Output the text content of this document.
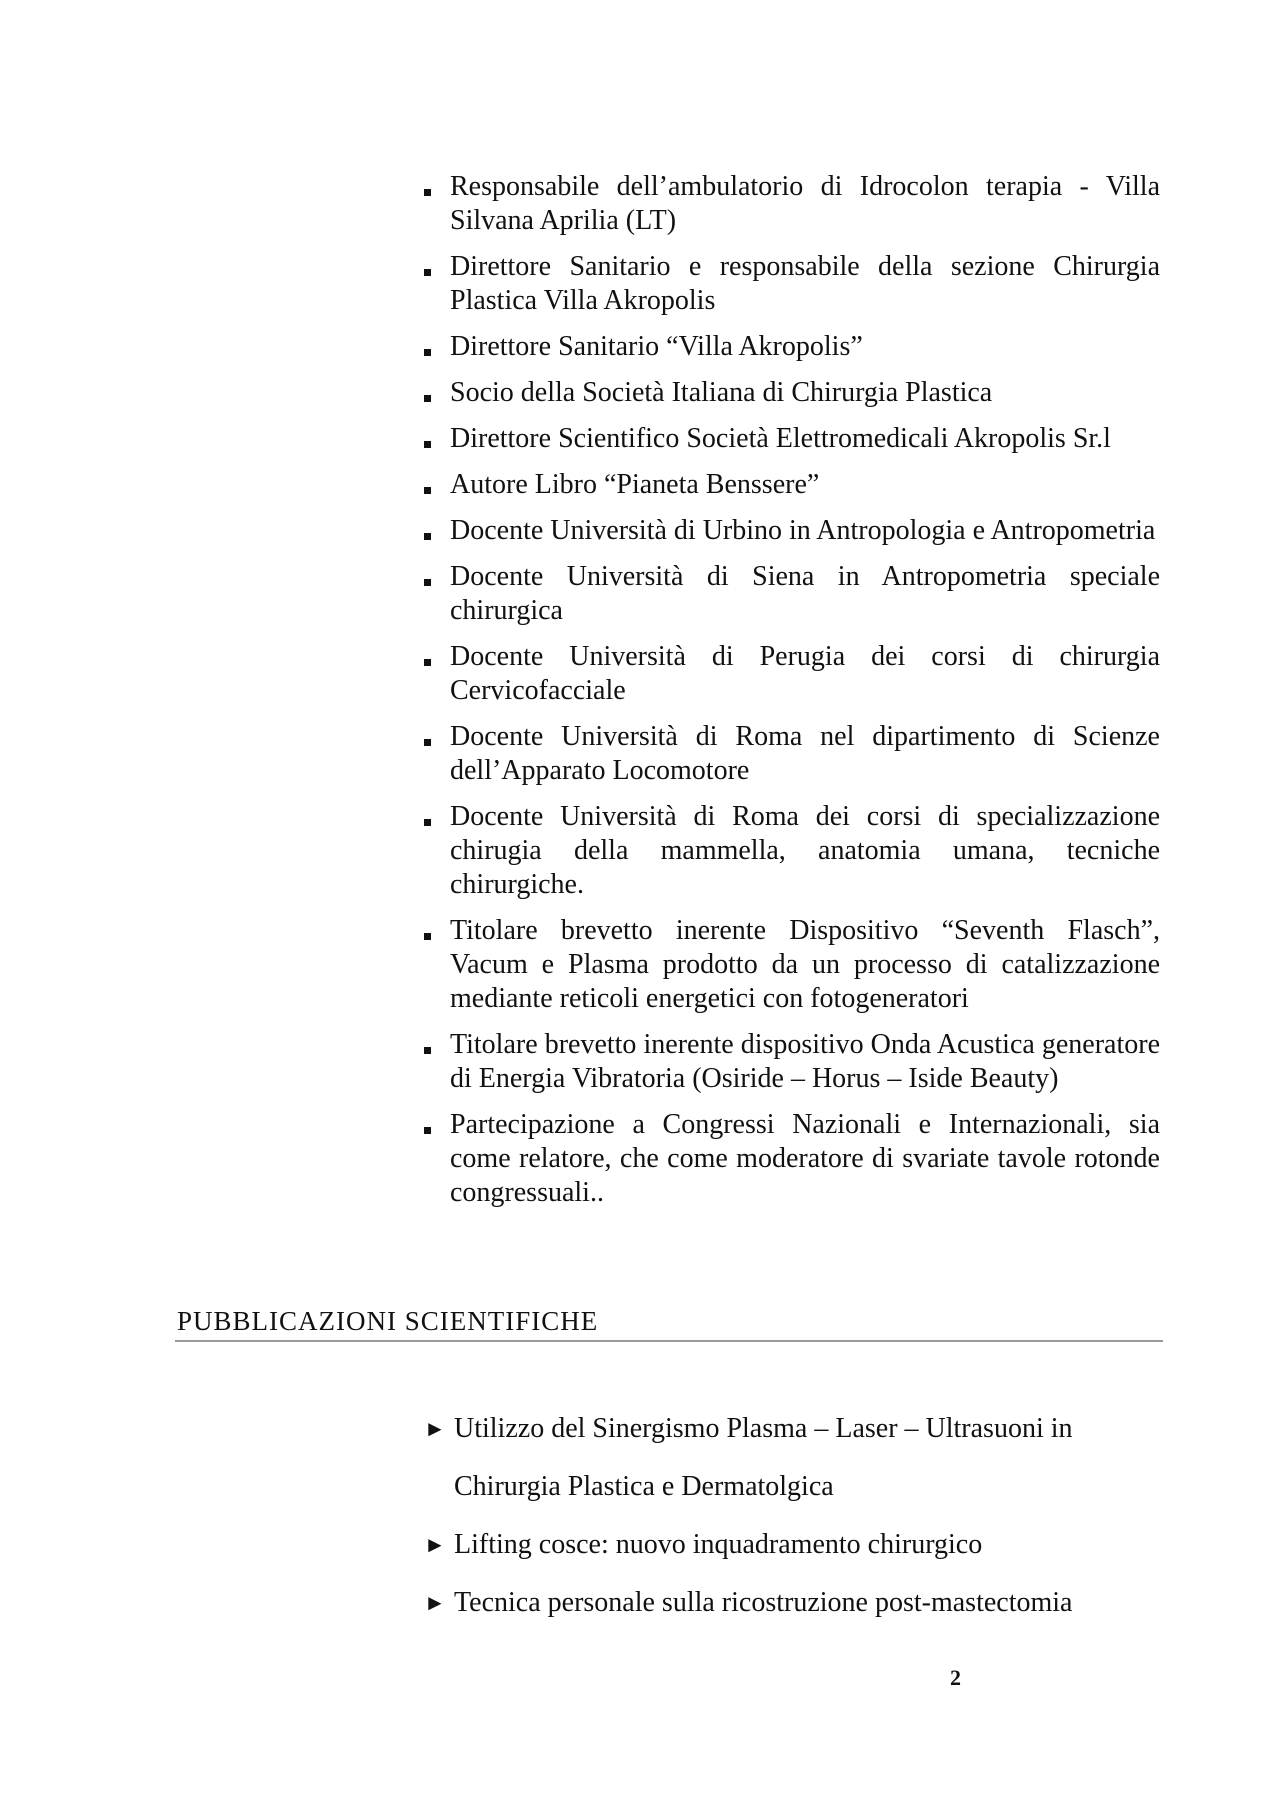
Responsabile dell’ambulatorio di Idrocolon terapia - Villa Silvana Aprilia (LT)
Direttore Sanitario e responsabile della sezione Chirurgia Plastica Villa Akropolis
Direttore Sanitario “Villa Akropolis”
Socio della Società Italiana di Chirurgia Plastica
Direttore Scientifico Società Elettromedicali Akropolis Sr.l
Autore Libro “Pianeta Benssere”
Docente Università di Urbino in Antropologia e Antropometria
Docente Università di Siena in Antropometria speciale chirurgica
Docente Università di Perugia dei corsi di chirurgia Cervicofacciale
Docente Università di Roma nel dipartimento di Scienze dell’Apparato Locomotore
Docente Università di Roma dei corsi di specializzazione chirugia della mammella, anatomia umana, tecniche chirurgiche.
Titolare brevetto inerente Dispositivo “Seventh Flasch”, Vacum e Plasma prodotto da un processo di catalizzazione mediante reticoli energetici con fotogeneratori
Titolare brevetto inerente dispositivo Onda Acustica generatore di Energia Vibratoria (Osiride – Horus – Iside Beauty)
Partecipazione a Congressi Nazionali e Internazionali, sia come relatore, che come moderatore di svariate tavole rotonde congressuali..
PUBBLICAZIONI SCIENTIFICHE
► Utilizzo del Sinergismo Plasma – Laser – Ultrasuoni in Chirurgia Plastica e Dermatolgica
► Lifting cosce: nuovo inquadramento chirurgico
► Tecnica personale sulla ricostruzione post-mastectomia
2
